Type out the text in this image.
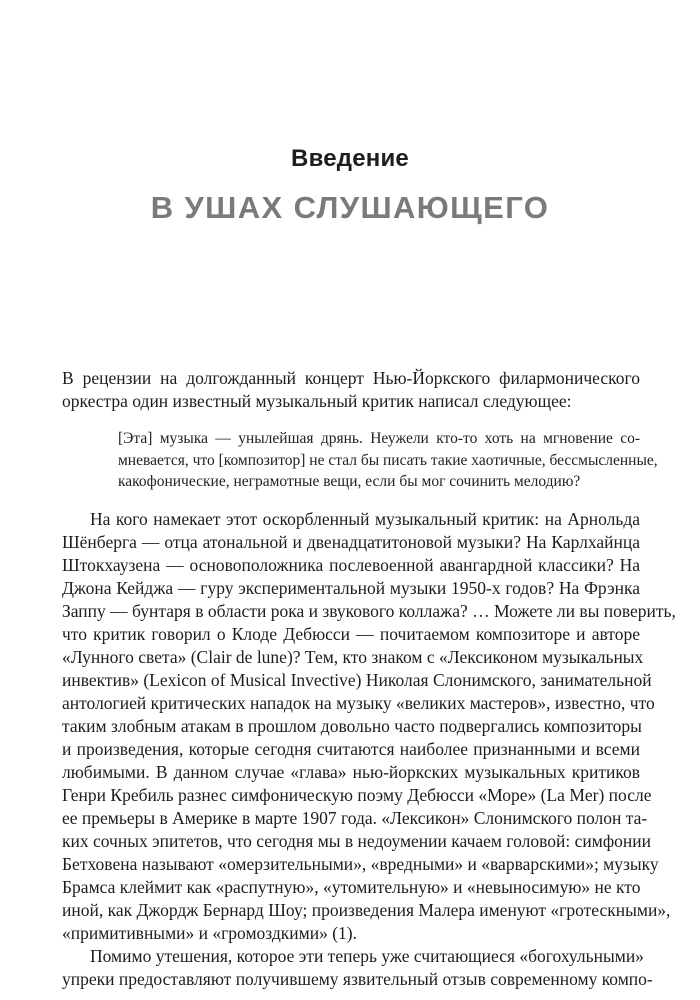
Введение
В УШАХ СЛУШАЮЩЕГО

В рецензии на долгожданный концерт Нью-Йоркского филармонического
оркестра один известный музыкальный критик написал следующее:

[Эта] музыка — унылейшая дрянь. Неужели кто-то хоть на мгновение со-
мневается, что [композитор] не стал бы писать такие хаотичные, бессмысленные,
какофонические, неграмотные вещи, если бы мог сочинить мелодию?

На кого намекает этот оскорбленный музыкальный критик: на Арнольда
Шёнберга — отца атональной и двенадцатитоновой музыки? На Карлхайнца
Штокхаузена — основоположника послевоенной авангардной классики? На
Джона Кейджа — гуру экспериментальной музыки 1950-х годов? На Фрэнка
Заппу — бунтаря в области рока и звукового коллажа? … Можете ли вы поверить,
что критик говорил о Клоде Дебюсси — почитаемом композиторе и авторе
«Лунного света» (Clair de lune)? Тем, кто знаком с «Лексиконом музыкальных
инвектив» (Lexicon of Musical Invective) Николая Слонимского, занимательной
антологией критических нападок на музыку «великих мастеров», известно, что
таким злобным атакам в прошлом довольно часто подвергались композиторы
и произведения, которые сегодня считаются наиболее признанными и всеми
любимыми. В данном случае «глава» нью-йоркских музыкальных критиков
Генри Кребиль разнес симфоническую поэму Дебюсси «Море» (La Mer) после
ее премьеры в Америке в марте 1907 года. «Лексикон» Слонимского полон та-
ких сочных эпитетов, что сегодня мы в недоумении качаем головой: симфонии
Бетховена называют «омерзительными», «вредными» и «варварскими»; музыку
Брамса клеймит как «распутную», «утомительную» и «невыносимую» не кто
иной, как Джордж Бернард Шоу; произведения Малера именуют «гротескными»,
«примитивными» и «громоздкими» (1).

Помимо утешения, которое эти теперь уже считающиеся «богохульными»
упреки предоставляют получившему язвительный отзыв современному компо-
